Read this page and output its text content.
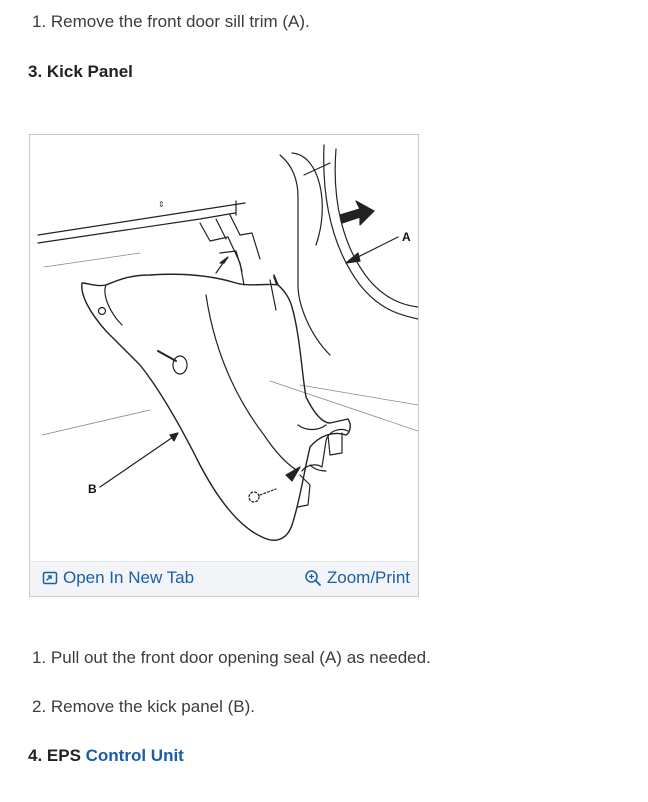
1. Remove the front door sill trim (A).

3. Kick Panel
⇕
A
B
Open In New Tab	Zoom/Print

1. Pull out the front door opening seal (A) as needed.

2. Remove the kick panel (B).

4. EPS Control Unit
